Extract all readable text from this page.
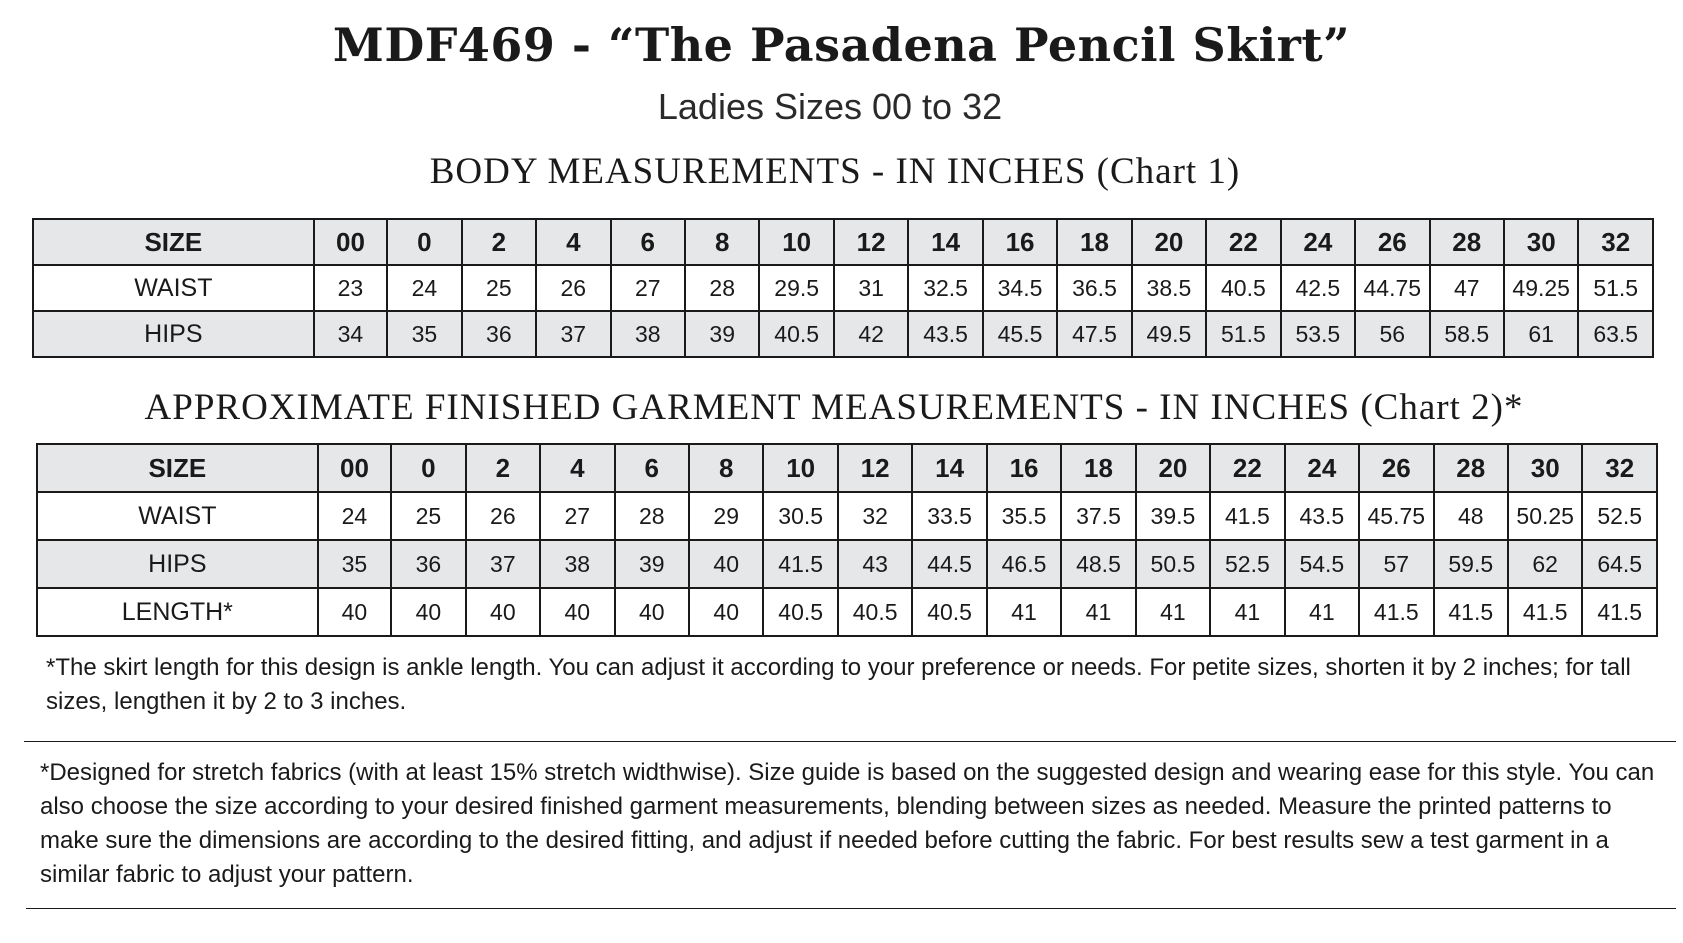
MDF469 - “The Pasadena Pencil Skirt”
Ladies Sizes 00 to 32
BODY MEASUREMENTS - IN INCHES (Chart 1)
SIZE	00	0	2	4	6	8	10	12	14	16	18	20	22	24	26	28	30	32
WAIST	23	24	25	26	27	28	29.5	31	32.5	34.5	36.5	38.5	40.5	42.5	44.75	47	49.25	51.5
HIPS	34	35	36	37	38	39	40.5	42	43.5	45.5	47.5	49.5	51.5	53.5	56	58.5	61	63.5
APPROXIMATE FINISHED GARMENT MEASUREMENTS - IN INCHES (Chart 2)*
SIZE	00	0	2	4	6	8	10	12	14	16	18	20	22	24	26	28	30	32
WAIST	24	25	26	27	28	29	30.5	32	33.5	35.5	37.5	39.5	41.5	43.5	45.75	48	50.25	52.5
HIPS	35	36	37	38	39	40	41.5	43	44.5	46.5	48.5	50.5	52.5	54.5	57	59.5	62	64.5
LENGTH*	40	40	40	40	40	40	40.5	40.5	40.5	41	41	41	41	41	41.5	41.5	41.5	41.5
*The skirt length for this design is ankle length. You can adjust it according to your preference or needs. For petite sizes, shorten it by 2 inches; for tall sizes, lengthen it by 2 to 3 inches.
*Designed for stretch fabrics (with at least 15% stretch widthwise). Size guide is based on the suggested design and wearing ease for this style. You can also choose the size according to your desired finished garment measurements, blending between sizes as needed. Measure the printed patterns to make sure the dimensions are according to the desired fitting, and adjust if needed before cutting the fabric. For best results sew a test garment in a similar fabric to adjust your pattern.
